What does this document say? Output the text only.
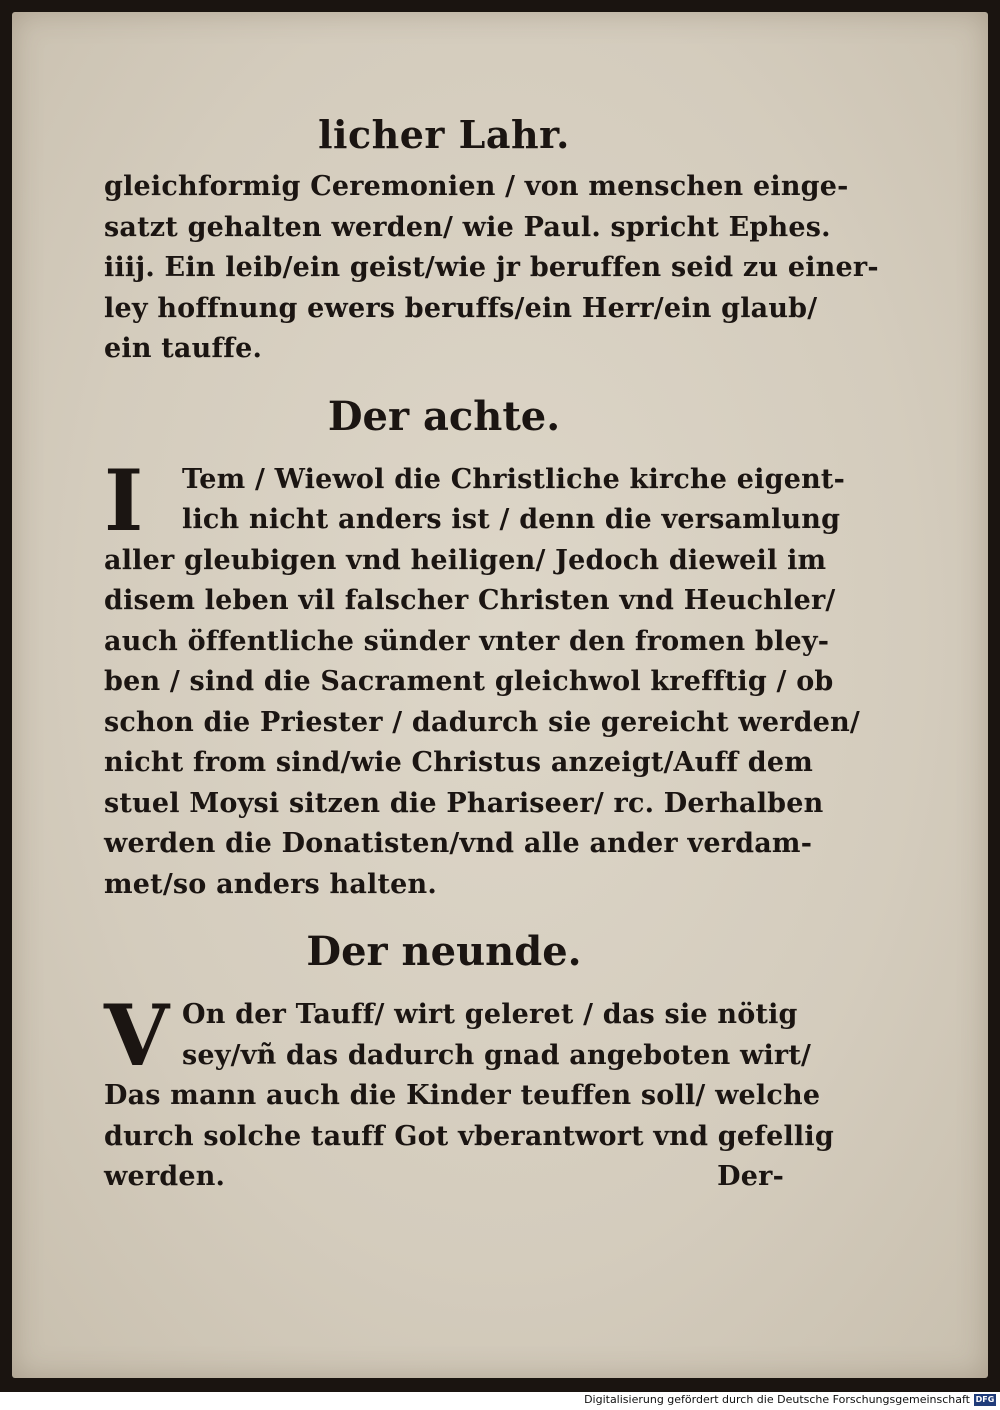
licher Lahr.
gleichformig Ceremonien / von menschen einge-
satzt gehalten werden/ wie Paul. spricht Ephes.
iiij. Ein leib/ein geist/wie jr beruffen seid zu einer-
ley hoffnung ewers beruffs/ein Herr/ein glaub/
ein tauffe.
Der achte.
I	Tem / Wiewol die Christliche kirche eigent-
lich nicht anders ist / denn die versamlung
aller gleubigen vnd heiligen/ Jedoch dieweil im
disem leben vil falscher Christen vnd Heuchler/
auch öffentliche sünder vnter den fromen bley-
ben / sind die Sacrament gleichwol krefftig / ob
schon die Priester / dadurch sie gereicht werden/
nicht from sind/wie Christus anzeigt/Auff dem
stuel Moysi sitzen die Phariseer/ rc. Derhalben
werden die Donatisten/vnd alle ander verdam-
met/so anders halten.
Der neunde.
V On der Tauff/ wirt geleret / das sie nötig
sey/vñ das dadurch gnad angeboten wirt/
Das mann auch die Kinder teuffen soll/ welche
durch solche tauff Got vberantwort vnd gefellig
werden.	Der-
Digitalisierung gefördert durch die Deutsche Forschungsgemeinschaft DFG
